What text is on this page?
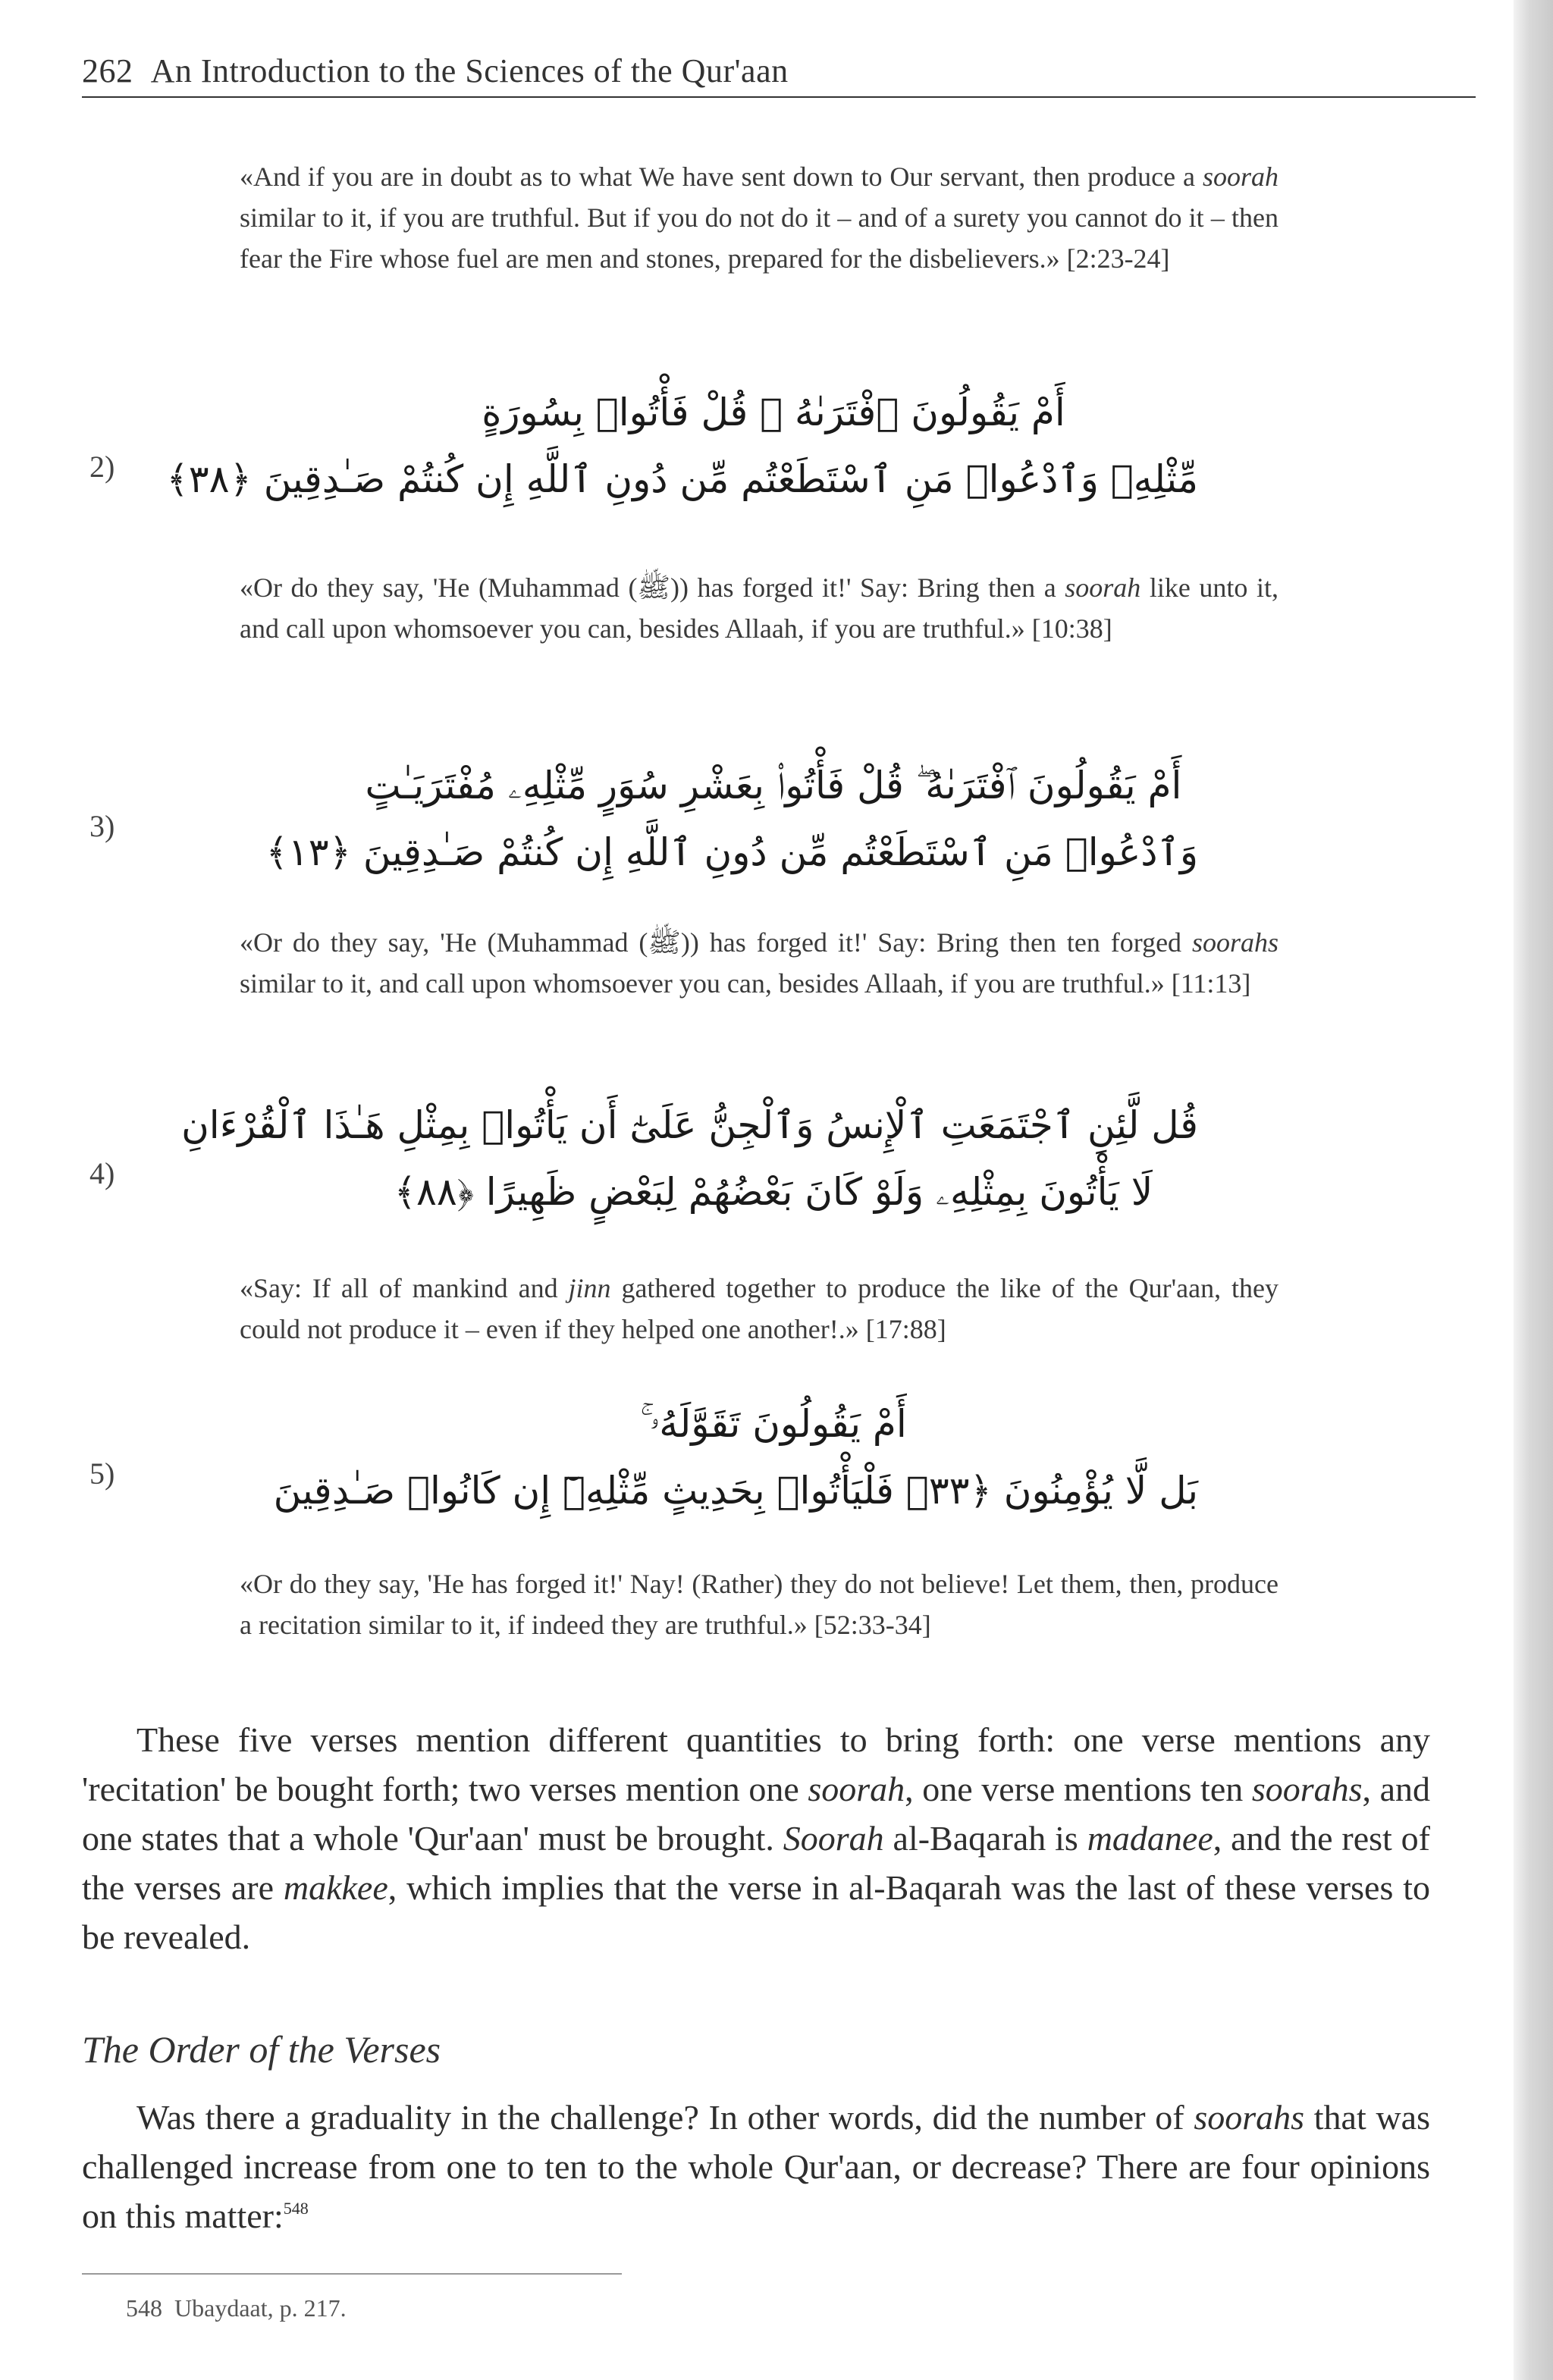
262 An Introduction to the Sciences of the Qur'aan
«And if you are in doubt as to what We have sent down to Our servant, then produce a soorah similar to it, if you are truthful. But if you do not do it – and of a surety you cannot do it – then fear the Fire whose fuel are men and stones, prepared for the disbelievers.» [2:23-24]
2)
أَمْ يَقُولُونَ ٱفْتَرَىٰهُ ۖ قُلْ فَأْتُوا۟ بِسُورَةٍ
مِّثْلِهِۦ وَٱدْعُوا۟ مَنِ ٱسْتَطَعْتُم مِّن دُونِ ٱللَّهِ إِن كُنتُمْ صَـٰدِقِينَ ﴿٣٨﴾
«Or do they say, 'He (Muhammad (ﷺ)) has forged it!' Say: Bring then a soorah like unto it, and call upon whomsoever you can, besides Allaah, if you are truthful.» [10:38]
3)
أَمْ يَقُولُونَ ٱفْتَرَىٰهُ ۖ قُلْ فَأْتُوا۟ بِعَشْرِ سُوَرٍ مِّثْلِهِۦ مُفْتَرَيَـٰتٍ
وَٱدْعُوا۟ مَنِ ٱسْتَطَعْتُم مِّن دُونِ ٱللَّهِ إِن كُنتُمْ صَـٰدِقِينَ ﴿١٣﴾
«Or do they say, 'He (Muhammad (ﷺ)) has forged it!' Say: Bring then ten forged soorahs similar to it, and call upon whomsoever you can, besides Allaah, if you are truthful.» [11:13]
4)
قُل لَّئِنِ ٱجْتَمَعَتِ ٱلْإِنسُ وَٱلْجِنُّ عَلَىٰٓ أَن يَأْتُوا۟ بِمِثْلِ هَـٰذَا ٱلْقُرْءَانِ
لَا يَأْتُونَ بِمِثْلِهِۦ وَلَوْ كَانَ بَعْضُهُمْ لِبَعْضٍ ظَهِيرًا ﴿٨٨﴾
«Say: If all of mankind and jinn gathered together to produce the like of the Qur'aan, they could not produce it – even if they helped one another!.» [17:88]
5)
أَمْ يَقُولُونَ تَقَوَّلَهُۥ ۚ
بَل لَّا يُؤْمِنُونَ ﴿٣٣﴾ فَلْيَأْتُوا۟ بِحَدِيثٍ مِّثْلِهِۦٓ إِن كَانُوا۟ صَـٰدِقِينَ
«Or do they say, 'He has forged it!' Nay! (Rather) they do not believe! Let them, then, produce a recitation similar to it, if indeed they are truthful.» [52:33-34]
These five verses mention different quantities to bring forth: one verse mentions any 'recitation' be bought forth; two verses mention one soorah, one verse mentions ten soorahs, and one states that a whole 'Qur'aan' must be brought. Soorah al-Baqarah is madanee, and the rest of the verses are makkee, which implies that the verse in al-Baqarah was the last of these verses to be revealed.
The Order of the Verses
Was there a graduality in the challenge? In other words, did the number of soorahs that was challenged increase from one to ten to the whole Qur'aan, or decrease? There are four opinions on this matter:$^{548}$
548 Ubaydaat, p. 217.
